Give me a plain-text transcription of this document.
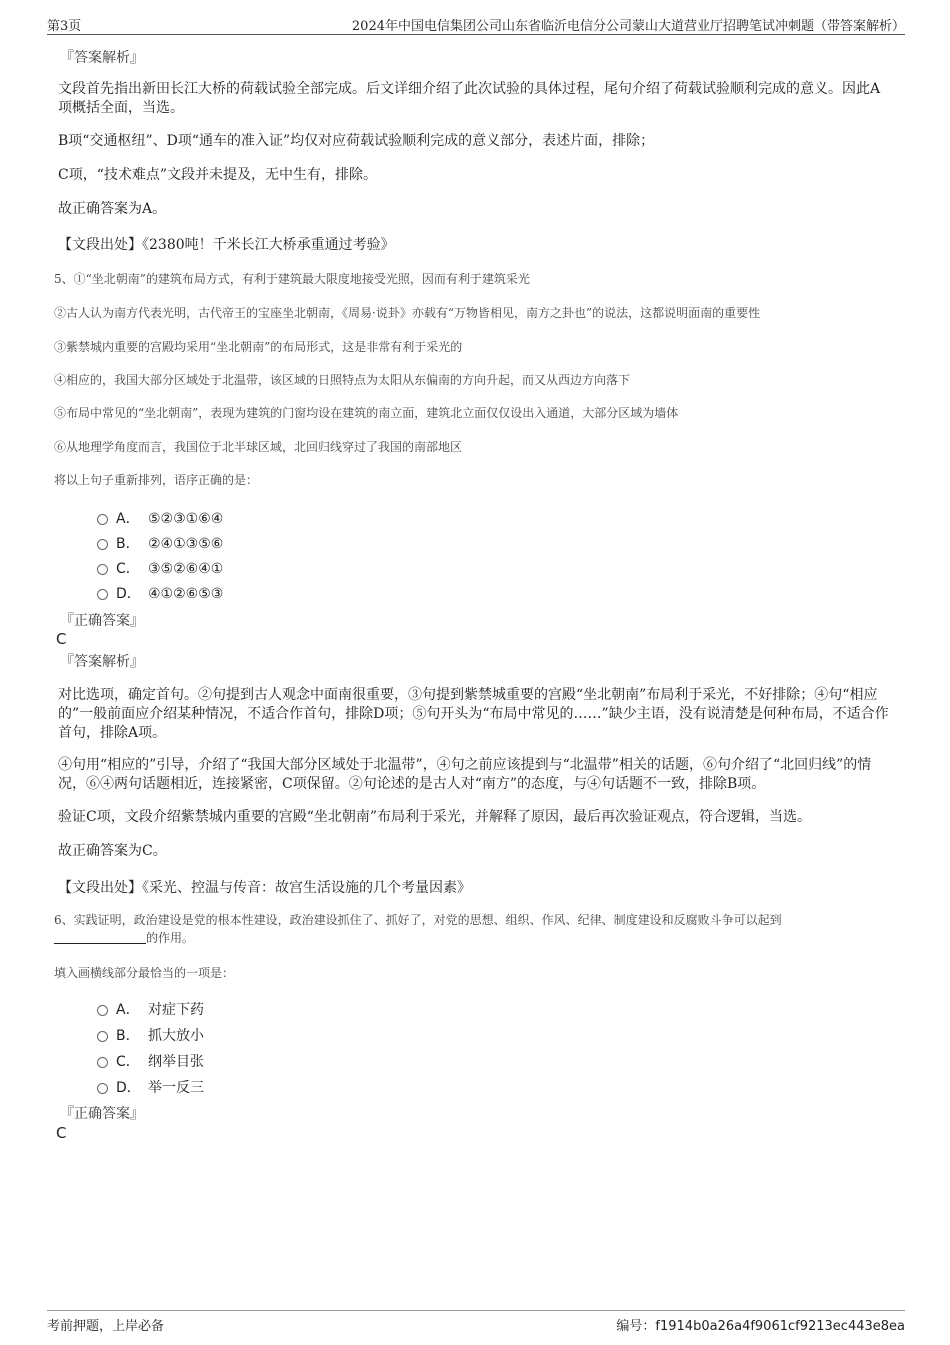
第3页	2024年中国电信集团公司山东省临沂电信分公司蒙山大道营业厅招聘笔试冲刺题（带答案解析）
『答案解析』

文段首先指出新田长江大桥的荷载试验全部完成。后文详细介绍了此次试验的具体过程，尾句介绍了荷载试验顺利完成的意义。因此A项概括全面，当选。

B项“交通枢纽”、D项“通车的准入证”均仅对应荷载试验顺利完成的意义部分，表述片面，排除；

C项，“技术难点”文段并未提及，无中生有，排除。

故正确答案为A。

【文段出处】《2380吨！千米长江大桥承重通过考验》
5、①“坐北朝南”的建筑布局方式，有利于建筑最大限度地接受光照，因而有利于建筑采光
②古人认为南方代表光明，古代帝王的宝座坐北朝南，《周易·说卦》亦载有“万物皆相见，南方之卦也”的说法，这都说明面南的重要性
③紫禁城内重要的宫殿均采用“坐北朝南”的布局形式，这是非常有利于采光的
④相应的，我国大部分区域处于北温带，该区域的日照特点为太阳从东偏南的方向升起，而又从西边方向落下
⑤布局中常见的“坐北朝南”，表现为建筑的门窗均设在建筑的南立面，建筑北立面仅仅设出入通道，大部分区域为墙体
⑥从地理学角度而言，我国位于北半球区域，北回归线穿过了我国的南部地区
将以上句子重新排列，语序正确的是：
A． ⑤②③①⑥④
B． ②④①③⑤⑥
C． ③⑤②⑥④①
D． ④①②⑥⑤③
『正确答案』
C
『答案解析』

对比选项，确定首句。②句提到古人观念中面南很重要，③句提到紫禁城重要的宫殿“坐北朝南”布局利于采光，不好排除；④句“相应的”一般前面应介绍某种情况，不适合作首句，排除D项；⑤句开头为“布局中常见的……”缺少主语，没有说清楚是何种布局，不适合作首句，排除A项。

④句用“相应的”引导，介绍了“我国大部分区域处于北温带”，④句之前应该提到与“北温带”相关的话题，⑥句介绍了“北回归线”的情况，⑥④两句话题相近，连接紧密，C项保留。②句论述的是古人对“南方”的态度，与④句话题不一致，排除B项。

验证C项，文段介绍紫禁城内重要的宫殿“坐北朝南”布局利于采光，并解释了原因，最后再次验证观点，符合逻辑，当选。

故正确答案为C。

【文段出处】《采光、控温与传音：故宫生活设施的几个考量因素》
6、实践证明，政治建设是党的根本性建设，政治建设抓住了、抓好了，对党的思想、组织、作风、纪律、制度建设和反腐败斗争可以起到
的作用。
填入画横线部分最恰当的一项是：
A． 对症下药
B． 抓大放小
C． 纲举目张
D． 举一反三
『正确答案』
C
考前押题，上岸必备	编号：f1914b0a26a4f9061cf9213ec443e8ea
